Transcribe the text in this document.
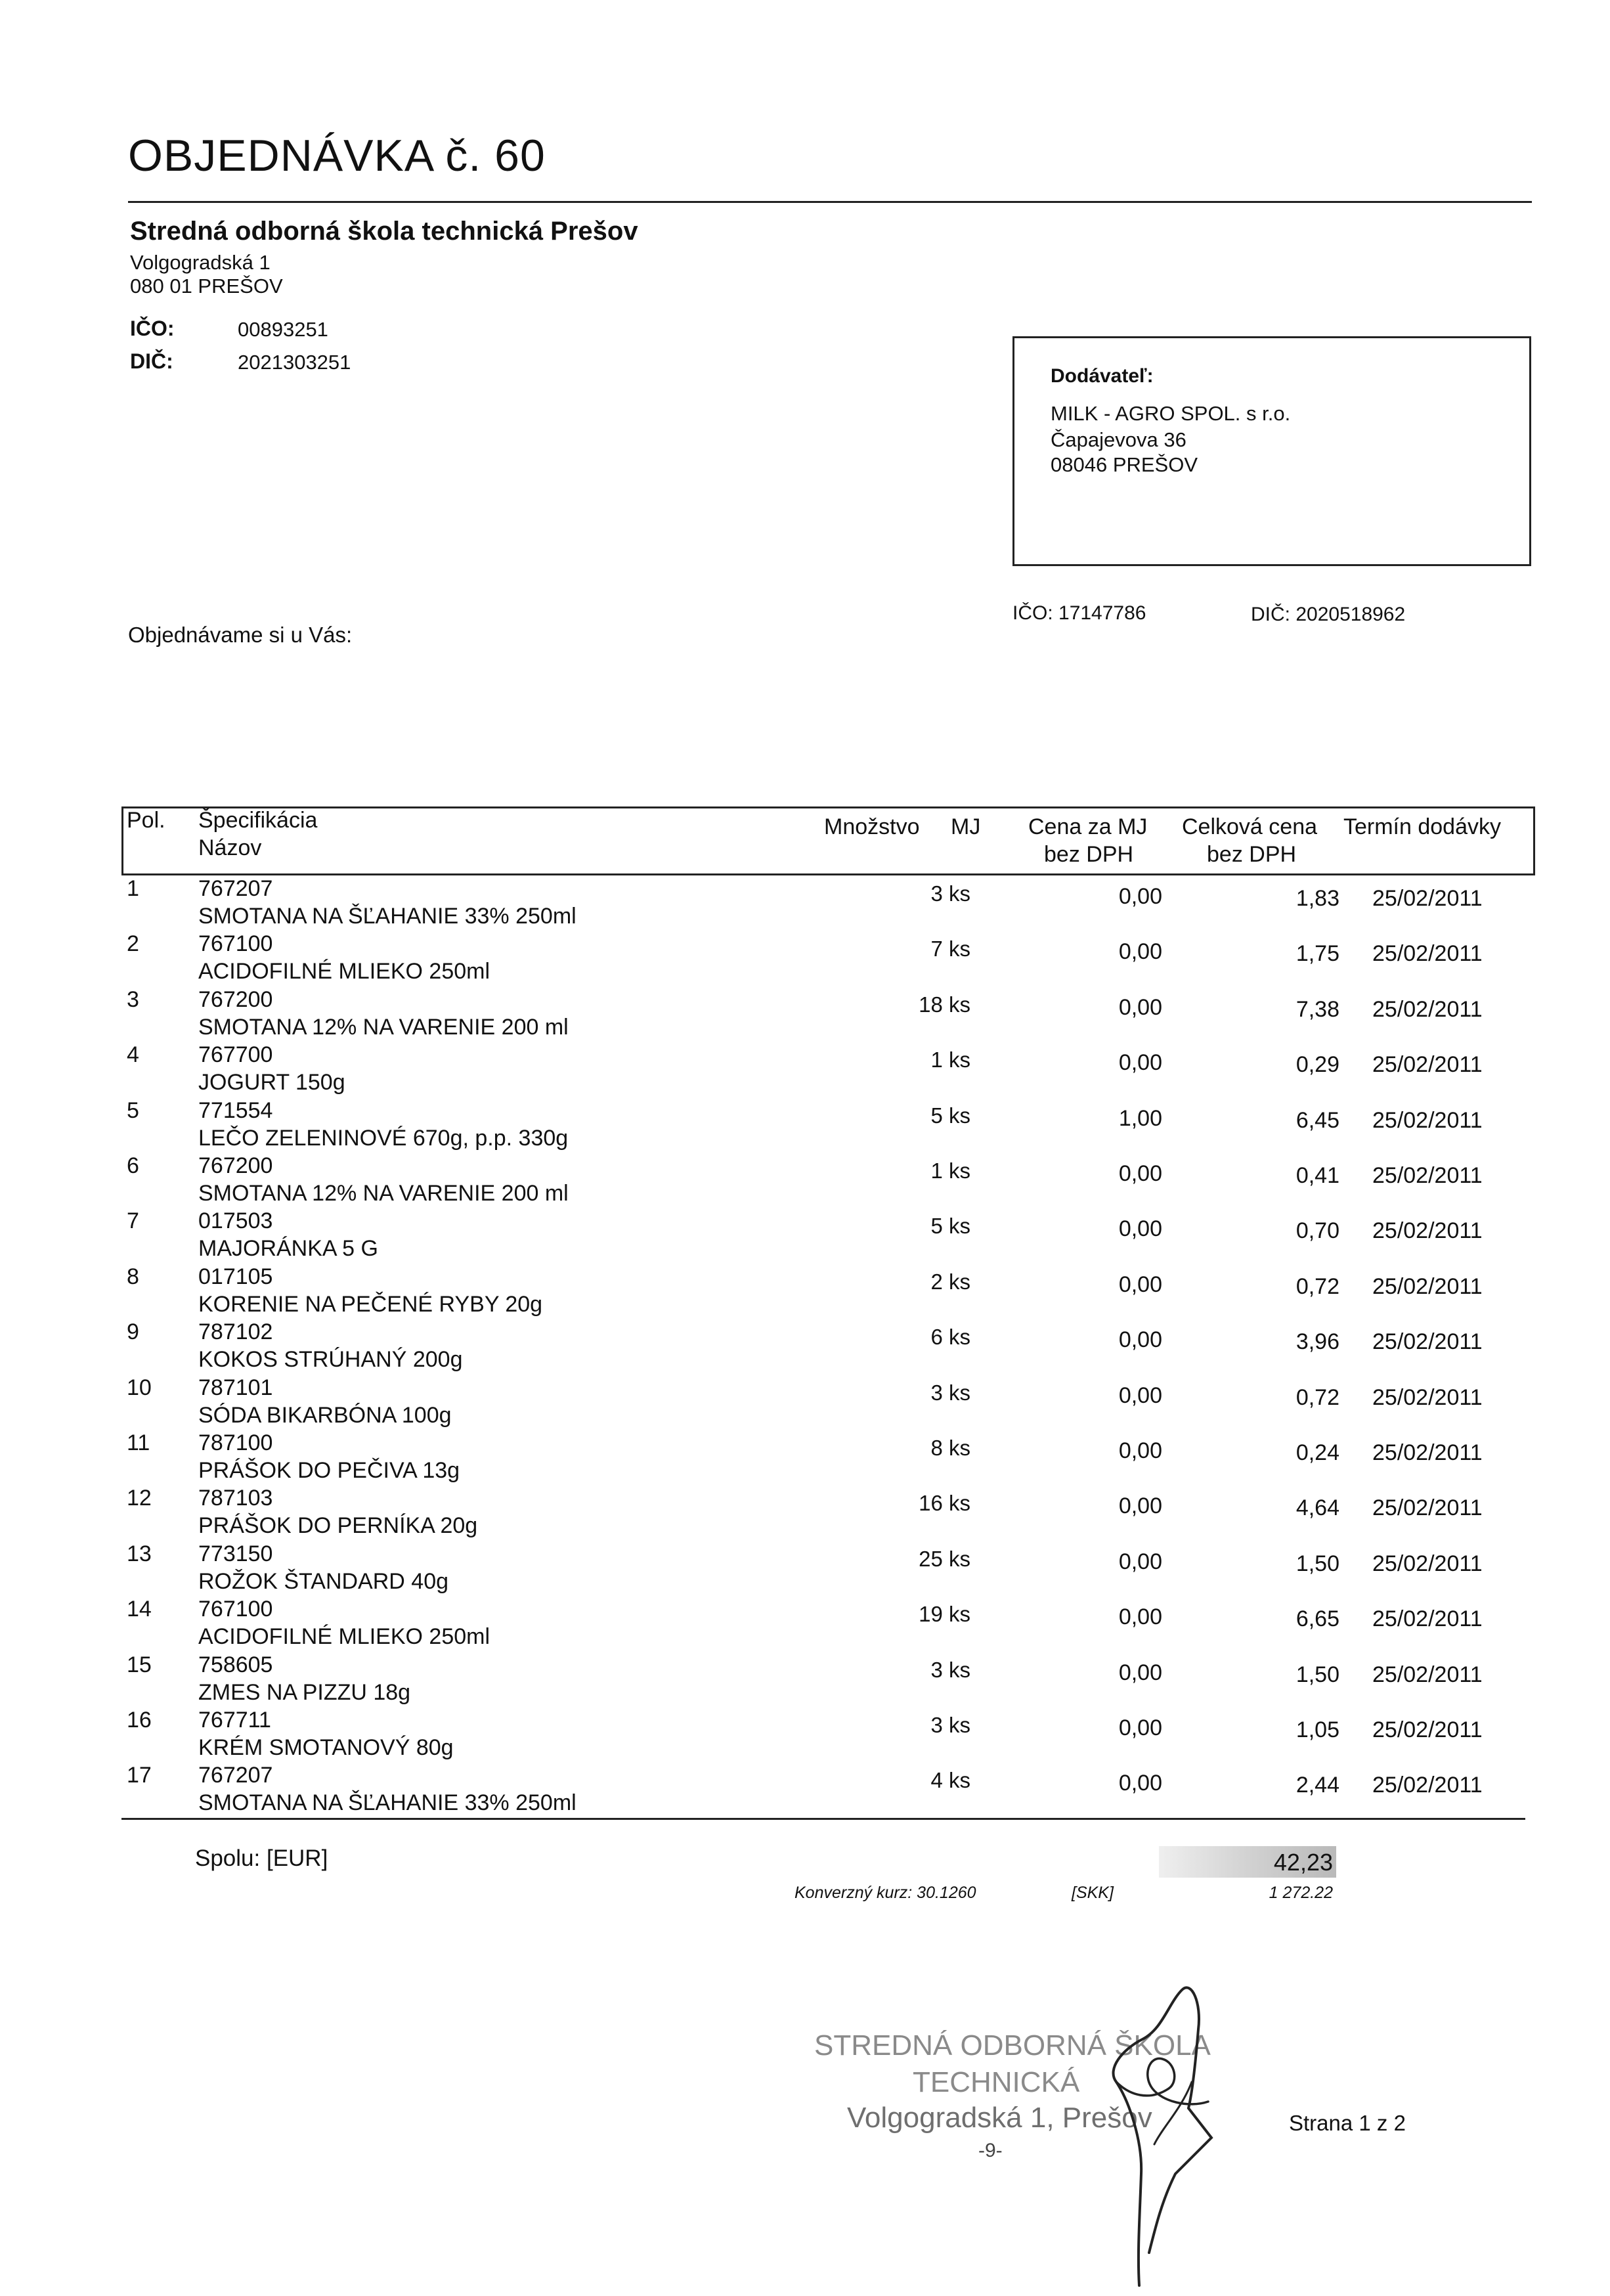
OBJEDNÁVKA č. 60
Stredná odborná škola technická Prešov
Volgogradská 1
080 01 PREŠOV
IČO:	00893251
DIČ:	2021303251
Dodávateľ:
MILK - AGRO SPOL. s r.o.
Čapajevova 36
08046 PREŠOV
IČO: 17147786	DIČ: 2020518962
Objednávame si u Vás:
Pol. Špecifikácia
Názov
Množstvo MJ Cena za MJ
bez DPH
Celková cena
bez DPH
Termín dodávky
1	767207
SMOTANA NA ŠĽAHANIE 33% 250ml
3 ks	0,00	1,83 25/02/2011
2	767100
ACIDOFILNÉ MLIEKO 250ml
7 ks	0,00	1,75 25/02/2011
3	767200
SMOTANA 12% NA VARENIE 200 ml
18 ks	0,00	7,38 25/02/2011
4	767700
JOGURT 150g
1 ks	0,00	0,29 25/02/2011
5	771554
LEČO ZELENINOVÉ 670g, p.p. 330g
5 ks	1,00	6,45 25/02/2011
6	767200
SMOTANA 12% NA VARENIE 200 ml
1 ks	0,00	0,41 25/02/2011
7	017503
MAJORÁNKA 5 G
5 ks	0,00	0,70 25/02/2011
8	017105
KORENIE NA PEČENÉ RYBY 20g
2 ks	0,00	0,72 25/02/2011
9	787102
KOKOS STRÚHANÝ 200g
6 ks	0,00	3,96 25/02/2011
10 787101
SÓDA BIKARBÓNA 100g
3 ks	0,00	0,72 25/02/2011
11 787100
PRÁŠOK DO PEČIVA 13g
8 ks	0,00	0,24 25/02/2011
12 787103
PRÁŠOK DO PERNÍKA 20g
16 ks	0,00	4,64 25/02/2011
13 773150
ROŽOK ŠTANDARD 40g
25 ks	0,00	1,50 25/02/2011
14 767100
ACIDOFILNÉ MLIEKO 250ml
19 ks	0,00	6,65 25/02/2011
15 758605
ZMES NA PIZZU 18g
3 ks	0,00	1,50 25/02/2011
16 767711
KRÉM SMOTANOVÝ 80g
3 ks	0,00	1,05 25/02/2011
17 767207
SMOTANA NA ŠĽAHANIE 33% 250ml
4 ks	0,00	2,44 25/02/2011
Spolu: [EUR]	42,23
Konverzný kurz: 30.1260	[SKK]	1 272.22
STREDNÁ ODBORNÁ ŠKOLA
TECHNICKÁ
Volgogradská 1, Prešov
-9-
Strana 1 z 2
